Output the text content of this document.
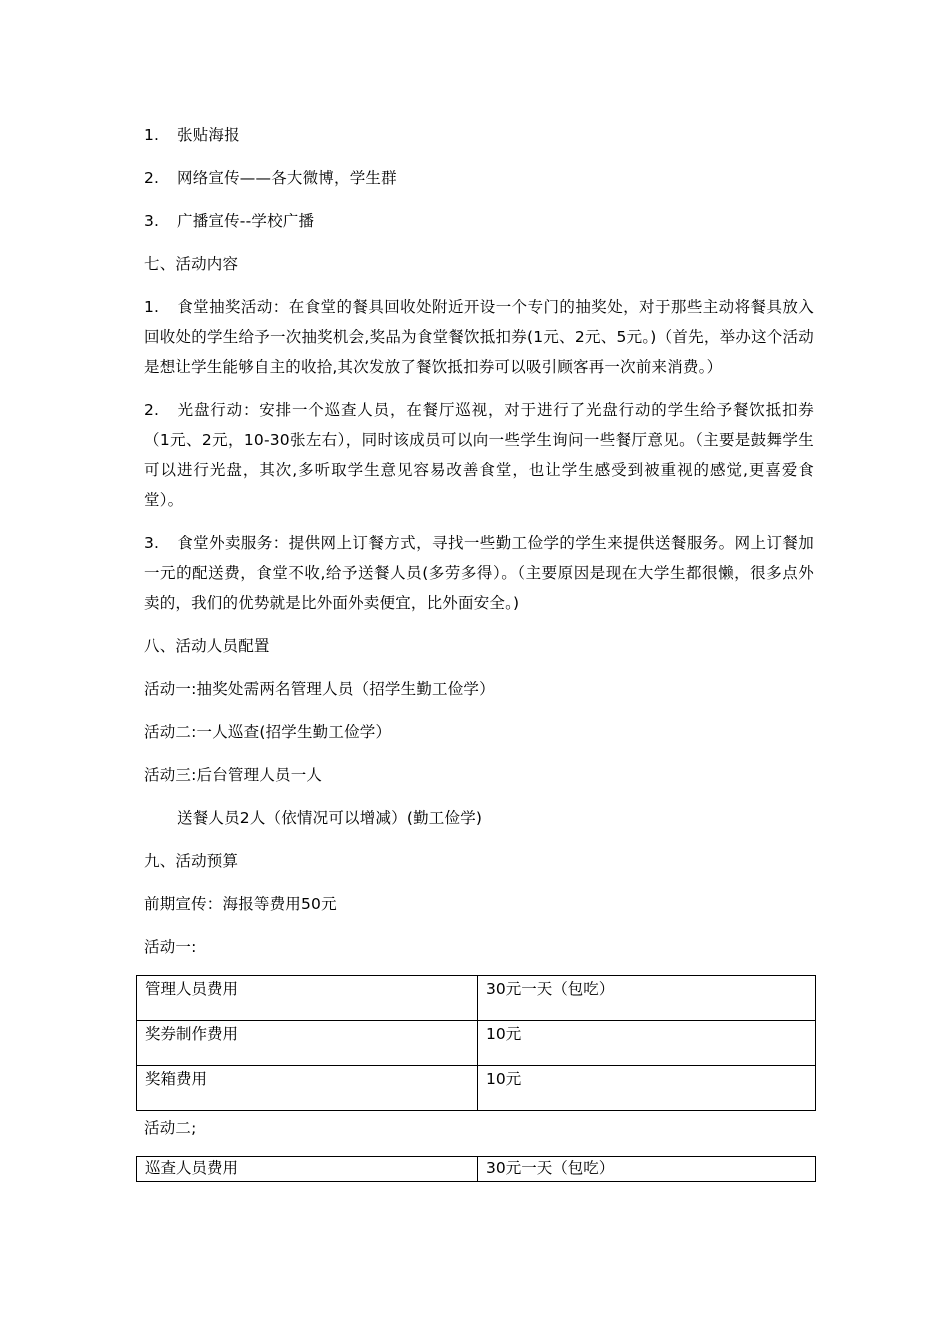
1. 张贴海报

2. 网络宣传——各大微博，学生群

3. 广播宣传--学校广播

七、活动内容

1. 食堂抽奖活动：在食堂的餐具回收处附近开设一个专门的抽奖处，对于那些主动将餐具放入回收处的学生给予一次抽奖机会,奖品为食堂餐饮抵扣券(1元、2元、5元。)（首先，举办这个活动是想让学生能够自主的收拾,其次发放了餐饮抵扣券可以吸引顾客再一次前来消费。）

2. 光盘行动：安排一个巡查人员，在餐厅巡视，对于进行了光盘行动的学生给予餐饮抵扣券（1元、2元，10-30张左右），同时该成员可以向一些学生询问一些餐厅意见。（主要是鼓舞学生可以进行光盘，其次,多听取学生意见容易改善食堂，也让学生感受到被重视的感觉,更喜爱食堂）。

3. 食堂外卖服务：提供网上订餐方式，寻找一些勤工俭学的学生来提供送餐服务。网上订餐加一元的配送费，食堂不收,给予送餐人员(多劳多得）。（主要原因是现在大学生都很懒，很多点外卖的，我们的优势就是比外面外卖便宜，比外面安全。)

八、活动人员配置

活动一:抽奖处需两名管理人员（招学生勤工俭学）

活动二:一人巡查(招学生勤工俭学）

活动三:后台管理人员一人

送餐人员2人（依情况可以增减）(勤工俭学)

九、活动预算

前期宣传：海报等费用50元

活动一:

管理人员费用	30元一天（包吃）
奖券制作费用	10元
奖箱费用	10元

活动二;

巡查人员费用	30元一天（包吃）
